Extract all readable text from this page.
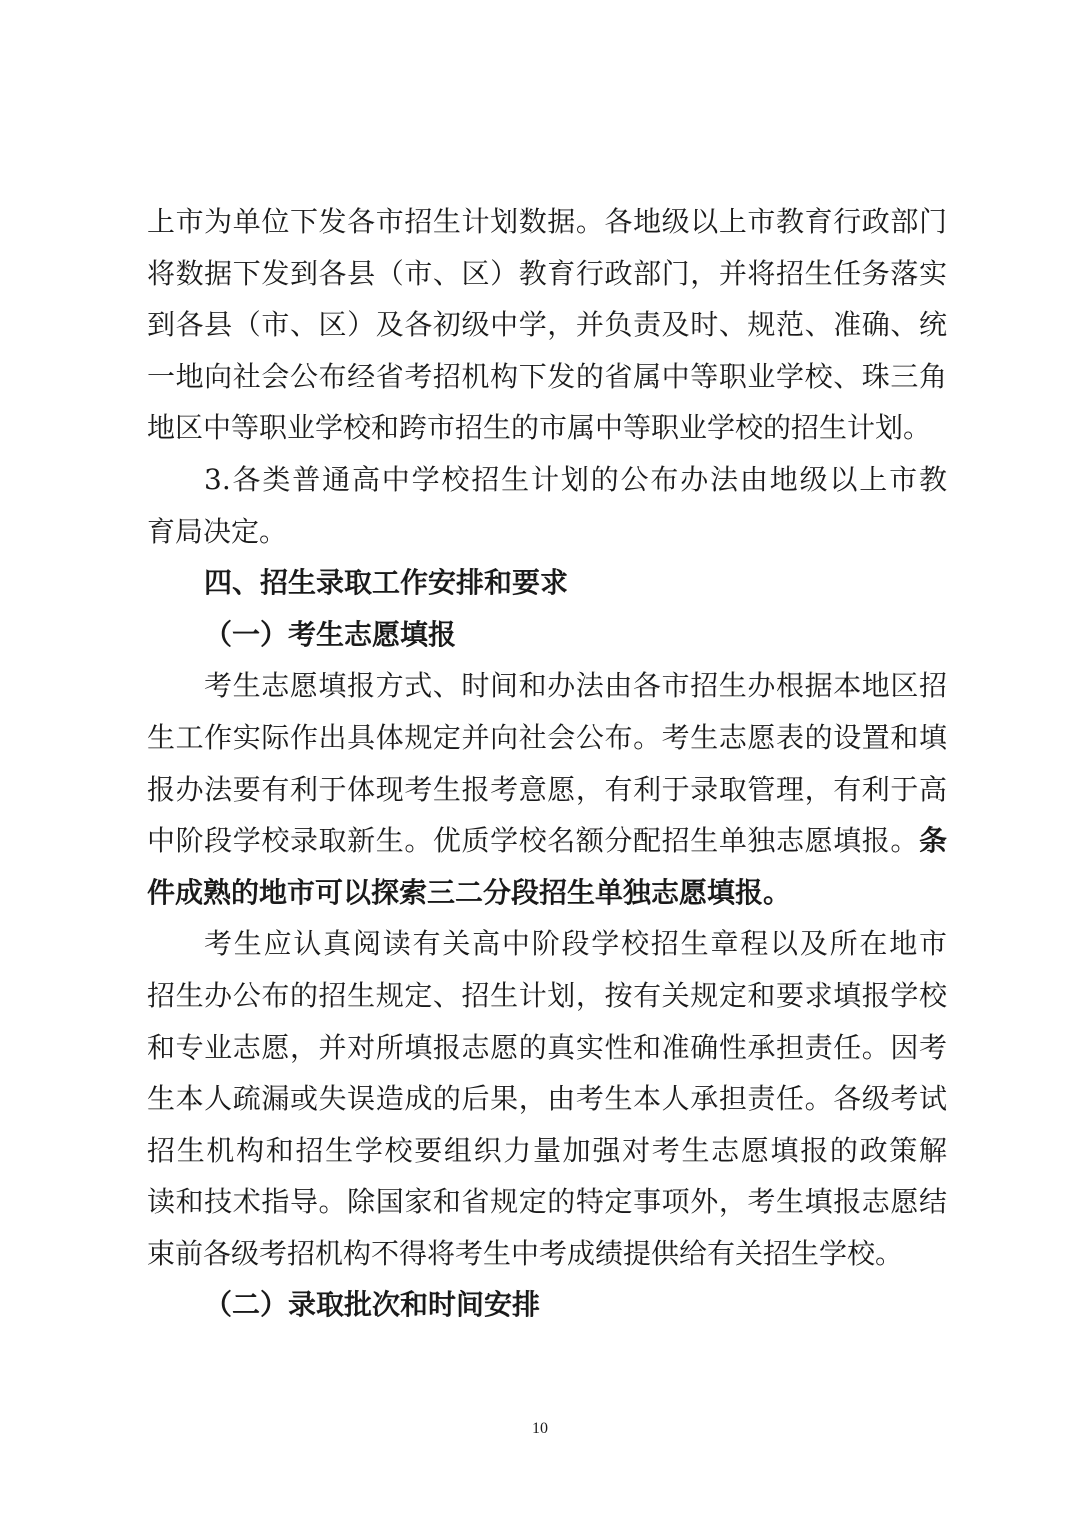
上市为单位下发各市招生计划数据。各地级以上市教育行政部门

将数据下发到各县（市、区）教育行政部门，并将招生任务落实

到各县（市、区）及各初级中学，并负责及时、规范、准确、统

一地向社会公布经省考招机构下发的省属中等职业学校、珠三角

地区中等职业学校和跨市招生的市属中等职业学校的招生计划。

3.各类普通高中学校招生计划的公布办法由地级以上市教

育局决定。

四、招生录取工作安排和要求

（一）考生志愿填报

考生志愿填报方式、时间和办法由各市招生办根据本地区招

生工作实际作出具体规定并向社会公布。考生志愿表的设置和填

报办法要有利于体现考生报考意愿，有利于录取管理，有利于高

中阶段学校录取新生。优质学校名额分配招生单独志愿填报。条

件成熟的地市可以探索三二分段招生单独志愿填报。

考生应认真阅读有关高中阶段学校招生章程以及所在地市

招生办公布的招生规定、招生计划，按有关规定和要求填报学校

和专业志愿，并对所填报志愿的真实性和准确性承担责任。因考

生本人疏漏或失误造成的后果，由考生本人承担责任。各级考试

招生机构和招生学校要组织力量加强对考生志愿填报的政策解

读和技术指导。除国家和省规定的特定事项外，考生填报志愿结

束前各级考招机构不得将考生中考成绩提供给有关招生学校。

（二）录取批次和时间安排

10
